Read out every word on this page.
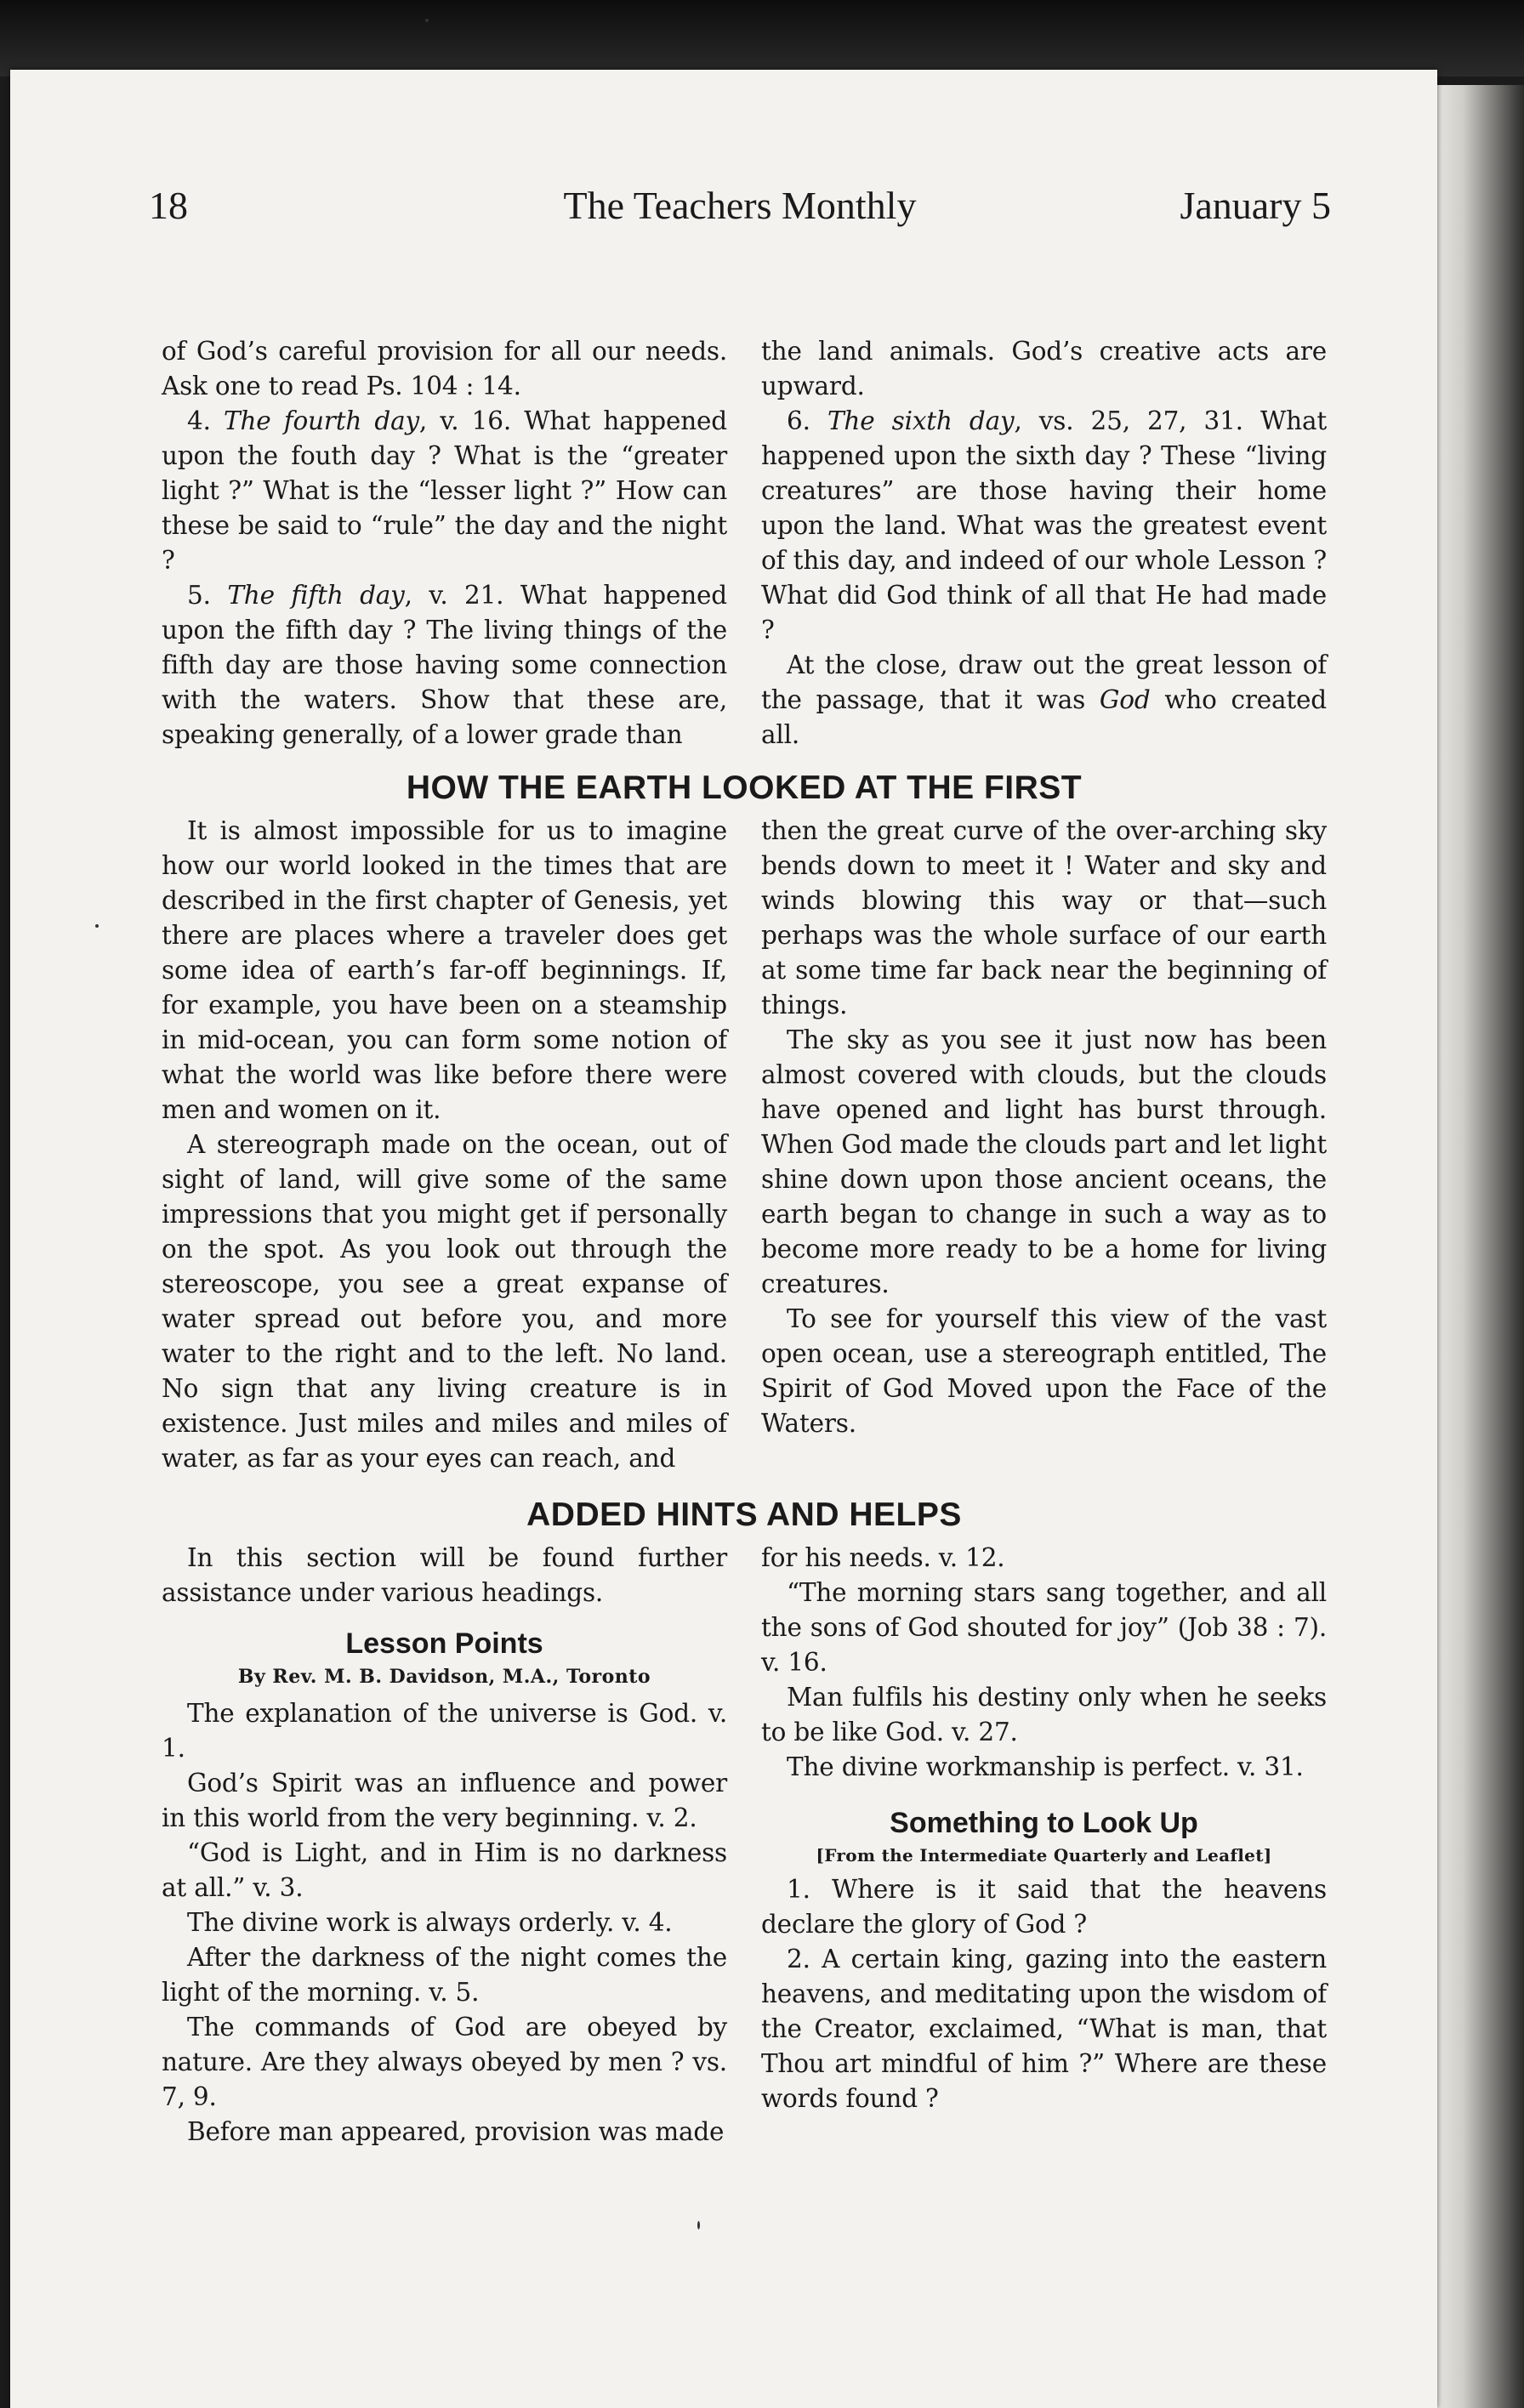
18	The Teachers Monthly	January 5

of God’s careful provision for all our needs. Ask one to read Ps. 104 : 14.

4. The fourth day, v. 16. What happened upon the fouth day ? What is the “greater light ?” What is the “lesser light ?” How can these be said to “rule” the day and the night ?

5. The fifth day, v. 21. What happened upon the fifth day ? The living things of the fifth day are those having some connection with the waters. Show that these are, speaking generally, of a lower grade than

the land animals. God’s creative acts are upward.

6. The sixth day, vs. 25, 27, 31. What happened upon the sixth day ? These “living creatures” are those having their home upon the land. What was the greatest event of this day, and indeed of our whole Lesson ? What did God think of all that He had made ?

At the close, draw out the great lesson of the passage, that it was God who created all.

HOW THE EARTH LOOKED AT THE FIRST

It is almost impossible for us to imagine how our world looked in the times that are described in the first chapter of Genesis, yet there are places where a traveler does get some idea of earth’s far-off beginnings. If, for example, you have been on a steamship in mid-ocean, you can form some notion of what the world was like before there were men and women on it.

A stereograph made on the ocean, out of sight of land, will give some of the same impressions that you might get if personally on the spot. As you look out through the stereoscope, you see a great expanse of water spread out before you, and more water to the right and to the left. No land. No sign that any living creature is in existence. Just miles and miles and miles of water, as far as your eyes can reach, and

then the great curve of the over-arching sky bends down to meet it ! Water and sky and winds blowing this way or that—such perhaps was the whole surface of our earth at some time far back near the beginning of things.

The sky as you see it just now has been almost covered with clouds, but the clouds have opened and light has burst through. When God made the clouds part and let light shine down upon those ancient oceans, the earth began to change in such a way as to become more ready to be a home for living creatures.

To see for yourself this view of the vast open ocean, use a stereograph entitled, The Spirit of God Moved upon the Face of the Waters.

ADDED HINTS AND HELPS

In this section will be found further assistance under various headings.

Lesson Points
By Rev. M. B. Davidson, M.A., Toronto

The explanation of the universe is God. v. 1.

God’s Spirit was an influence and power in this world from the very beginning. v. 2.

“God is Light, and in Him is no darkness at all.” v. 3.

The divine work is always orderly. v. 4.

After the darkness of the night comes the light of the morning. v. 5.

The commands of God are obeyed by nature. Are they always obeyed by men ? vs. 7, 9.

Before man appeared, provision was made

for his needs. v. 12.

“The morning stars sang together, and all the sons of God shouted for joy” (Job 38 : 7). v. 16.

Man fulfils his destiny only when he seeks to be like God. v. 27.

The divine workmanship is perfect. v. 31.

Something to Look Up
[From the Intermediate Quarterly and Leaflet]

1. Where is it said that the heavens declare the glory of God ?

2. A certain king, gazing into the eastern heavens, and meditating upon the wisdom of the Creator, exclaimed, “What is man, that Thou art mindful of him ?” Where are these words found ?
